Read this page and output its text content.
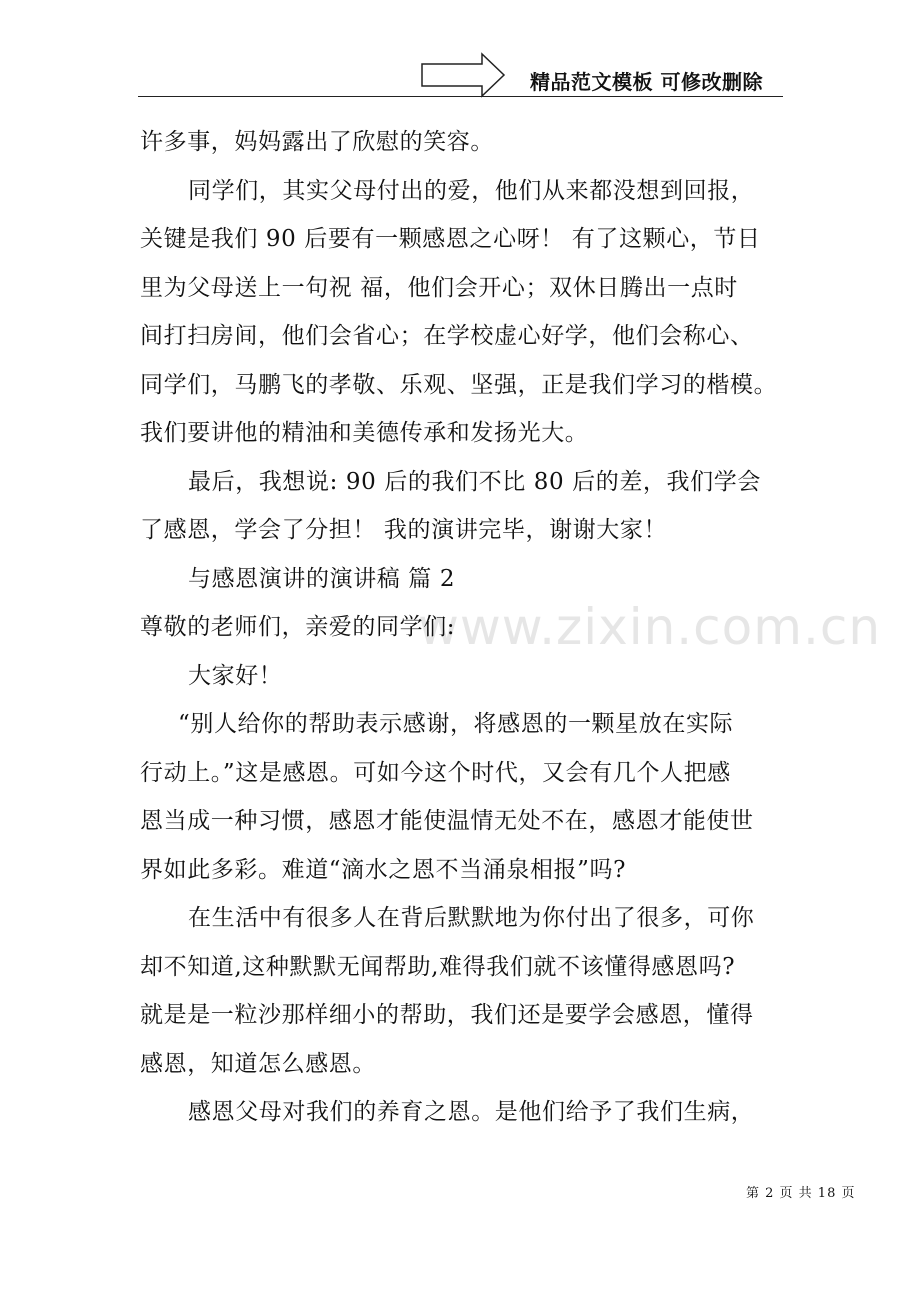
精品范文模板 可修改删除
www.zixin.com.cn
许多事，妈妈露出了欣慰的笑容。
同学们，其实父母付出的爱，他们从来都没想到回报，
关键是我们 90 后要有一颗感恩之心呀！ 有了这颗心，节日
里为父母送上一句祝 福，他们会开心；双休日腾出一点时
间打扫房间，他们会省心；在学校虚心好学，他们会称心、
同学们，马鹏飞的孝敬、乐观、坚强，正是我们学习的楷模。
我们要讲他的精油和美德传承和发扬光大。
最后，我想说: 90 后的我们不比 80 后的差，我们学会
了感恩，学会了分担！ 我的演讲完毕，谢谢大家！
与感恩演讲的演讲稿 篇 2
尊敬的老师们，亲爱的同学们:
大家好！
“别人给你的帮助表示感谢，将感恩的一颗星放在实际
行动上。”这是感恩。可如今这个时代，又会有几个人把感
恩当成一种习惯，感恩才能使温情无处不在，感恩才能使世
界如此多彩。难道“滴水之恩不当涌泉相报”吗?
在生活中有很多人在背后默默地为你付出了很多，可你
却不知道,这种默默无闻帮助,难得我们就不该懂得感恩吗?
就是是一粒沙那样细小的帮助，我们还是要学会感恩，懂得
感恩，知道怎么感恩。
感恩父母对我们的养育之恩。是他们给予了我们生病，
第 2 页 共 18 页
